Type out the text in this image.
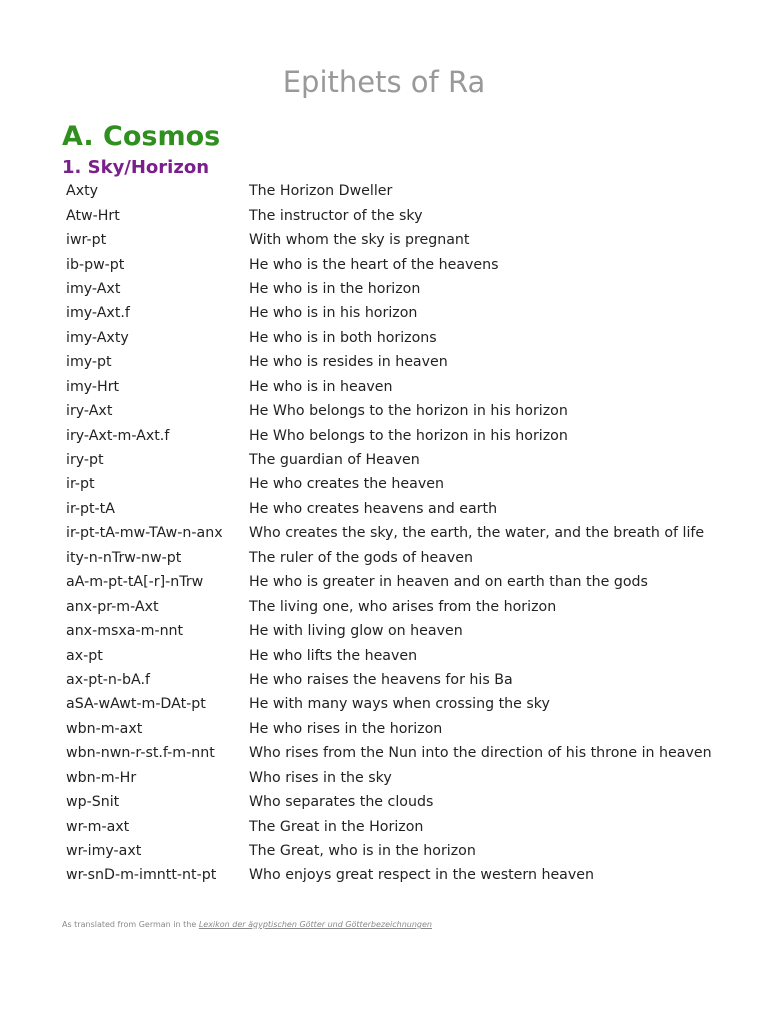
Epithets of Ra
A. Cosmos
1. Sky/Horizon
Axty	The Horizon Dweller
Atw-Hrt	The instructor of the sky
iwr-pt	With whom the sky is pregnant
ib-pw-pt	He who is the heart of the heavens
imy-Axt	He who is in the horizon
imy-Axt.f	He who is in his horizon
imy-Axty	He who is in both horizons
imy-pt	He who is resides in heaven
imy-Hrt	He who is in heaven
iry-Axt	He Who belongs to the horizon in his horizon
iry-Axt-m-Axt.f	He Who belongs to the horizon in his horizon
iry-pt	The guardian of Heaven
ir-pt	He who creates the heaven
ir-pt-tA	He who creates heavens and earth
ir-pt-tA-mw-TAw-n-anx	Who creates the sky, the earth, the water, and the breath of life
ity-n-nTrw-nw-pt	The ruler of the gods of heaven
aA-m-pt-tA[-r]-nTrw	He who is greater in heaven and on earth than the gods
anx-pr-m-Axt	The living one, who arises from the horizon
anx-msxa-m-nnt	He with living glow on heaven
ax-pt	He who lifts the heaven
ax-pt-n-bA.f	He who raises the heavens for his Ba
aSA-wAwt-m-DAt-pt	He with many ways when crossing the sky
wbn-m-axt	He who rises in the horizon
wbn-nwn-r-st.f-m-nnt	Who rises from the Nun into the direction of his throne in heaven
wbn-m-Hr	Who rises in the sky
wp-Snit	Who separates the clouds
wr-m-axt	The Great in the Horizon
wr-imy-axt	The Great, who is in the horizon
wr-snD-m-imntt-nt-pt	Who enjoys great respect in the western heaven

As translated from German in the Lexikon der ägyptischen Götter und Götterbezeichnungen
